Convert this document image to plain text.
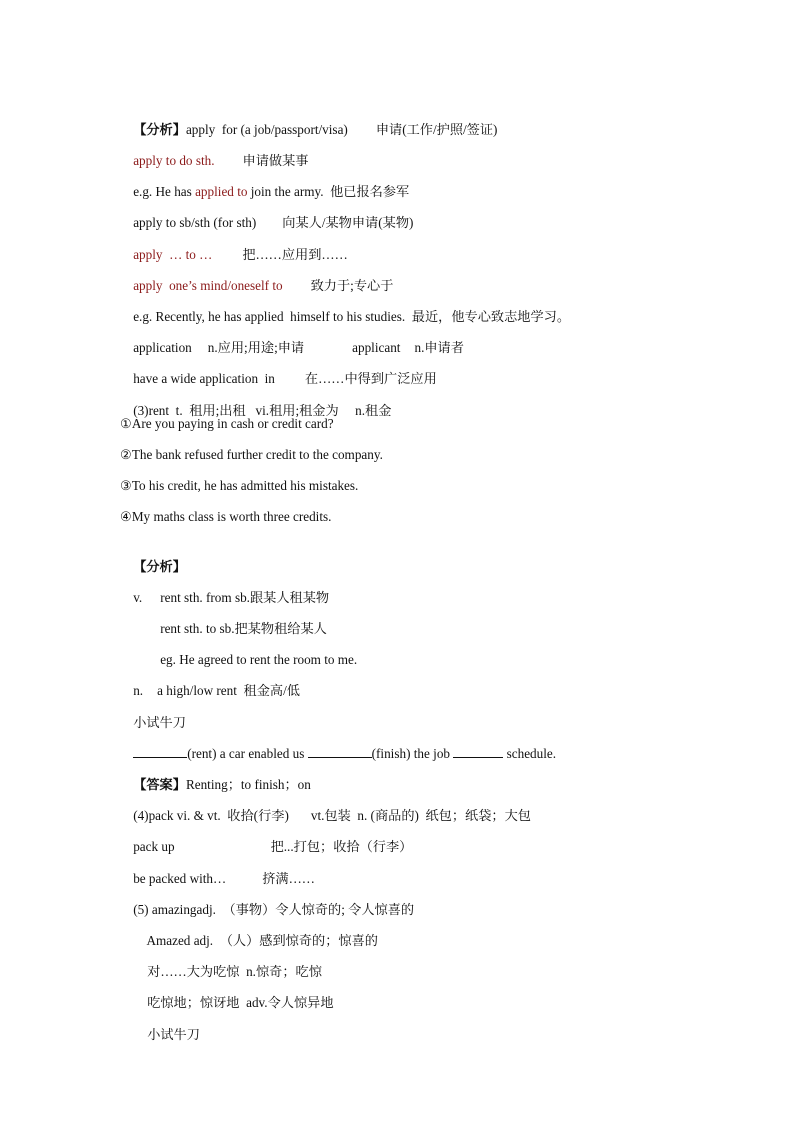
【分析】apply  for (a job/passport/visa) 申请(工作/护照/签证)

apply to do sth. 申请做某事

e.g. He has applied to join the army.  他已报名参军

apply to sb/sth (for sth) 向某人/某物申请(某物)

apply  … to … 把……应用到……

apply  one’s mind/oneself to 致力于;专心于

e.g. Recently, he has applied  himself to his studies.  最近，他专心致志地学习。

application n.应用;用途;申请	applicant n.申请者

have a wide application  in 在……中得到广泛应用

(3)rent  t.  租用;出租   vi.租用;租金为     n.租金

①Are you paying in cash or credit card?
②The bank refused further credit to the company.
③To his credit, he has admitted his mistakes.
④My maths class is worth three credits.

【分析】

v. rent sth. from sb.跟某人租某物

rent sth. to sb.把某物租给某人

eg. He agreed to rent the room to me.

n. a high/low rent  租金高/低

小试牛刀

(rent) a car enabled us	(finish) the job	schedule.

【答案】Renting；to finish；on

(4)pack vi. & vt.  收拾(行李) vt.包装  n. (商品的)  纸包；纸袋；大包

pack up	把...打包；收拾（行李）

be packed with…	挤满……

(5) amazingadj.  （事物）令人惊奇的; 令人惊喜的

Amazed adj.  （人）感到惊奇的；惊喜的

对……大为吃惊  n.惊奇；吃惊

吃惊地；惊讶地  adv.令人惊异地

小试牛刀
